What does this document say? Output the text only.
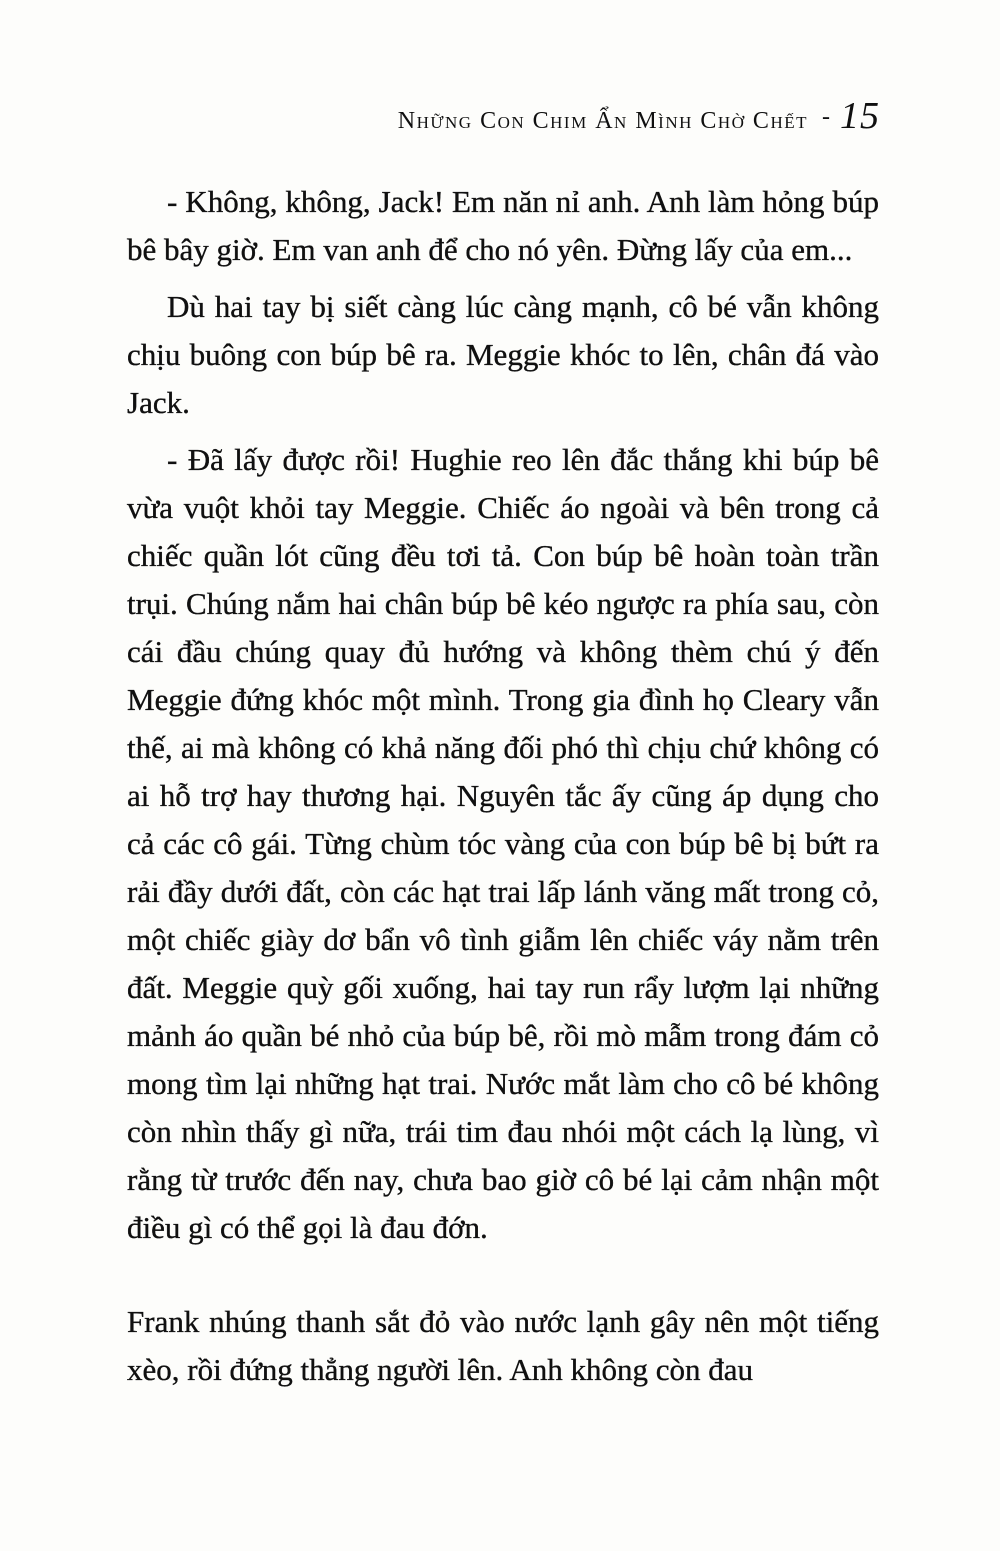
Những Con Chim Ẩn Mình Chờ Chết - 15

- Không, không, Jack! Em năn nỉ anh. Anh làm hỏng búp bê bây giờ. Em van anh để cho nó yên. Đừng lấy của em...

Dù hai tay bị siết càng lúc càng mạnh, cô bé vẫn không chịu buông con búp bê ra. Meggie khóc to lên, chân đá vào Jack.

- Đã lấy được rồi! Hughie reo lên đắc thắng khi búp bê vừa vuột khỏi tay Meggie. Chiếc áo ngoài và bên trong cả chiếc quần lót cũng đều tơi tả. Con búp bê hoàn toàn trần trụi. Chúng nắm hai chân búp bê kéo ngược ra phía sau, còn cái đầu chúng quay đủ hướng và không thèm chú ý đến Meggie đứng khóc một mình. Trong gia đình họ Cleary vẫn thế, ai mà không có khả năng đối phó thì chịu chứ không có ai hỗ trợ hay thương hại. Nguyên tắc ấy cũng áp dụng cho cả các cô gái. Từng chùm tóc vàng của con búp bê bị bứt ra rải đầy dưới đất, còn các hạt trai lấp lánh văng mất trong cỏ, một chiếc giày dơ bẩn vô tình giẫm lên chiếc váy nằm trên đất. Meggie quỳ gối xuống, hai tay run rẩy lượm lại những mảnh áo quần bé nhỏ của búp bê, rồi mò mẫm trong đám cỏ mong tìm lại những hạt trai. Nước mắt làm cho cô bé không còn nhìn thấy gì nữa, trái tim đau nhói một cách lạ lùng, vì rằng từ trước đến nay, chưa bao giờ cô bé lại cảm nhận một điều gì có thể gọi là đau đớn.

Frank nhúng thanh sắt đỏ vào nước lạnh gây nên một tiếng xèo, rồi đứng thẳng người lên. Anh không còn đau
